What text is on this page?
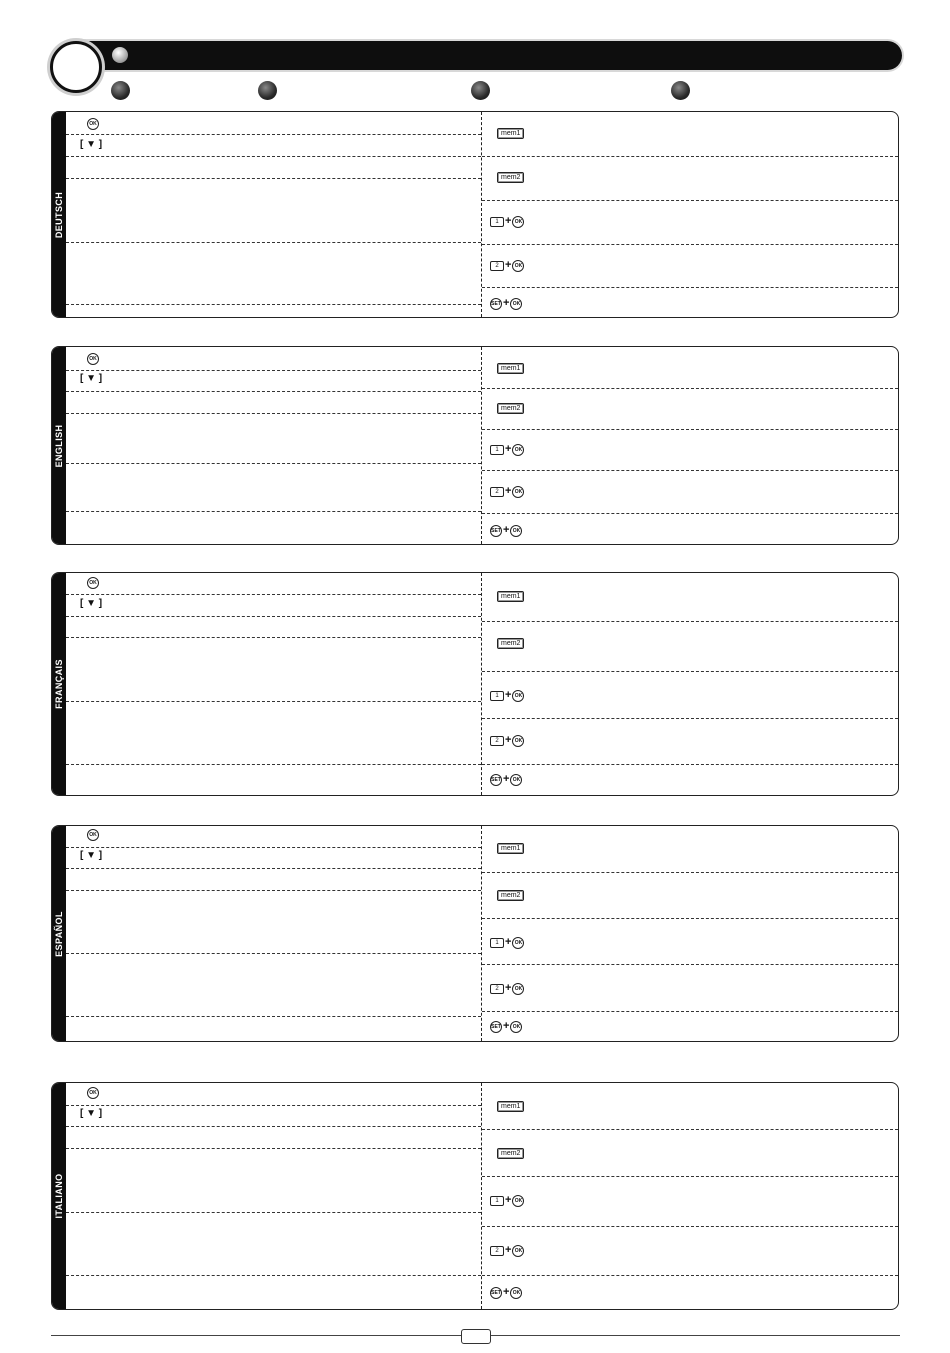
DEUTSCH
OK
[ ▼ ]
mem1
mem2
1 + OK
2 + OK
SET + OK
ENGLISH
OK
[ ▼ ]
mem1
mem2
1 + OK
2 + OK
SET + OK
FRANÇAIS
OK
[ ▼ ]
mem1
mem2
1 + OK
2 + OK
SET + OK
ESPAÑOL
OK
[ ▼ ]
mem1
mem2
1 + OK
2 + OK
SET + OK
ITALIANO
OK
[ ▼ ]
mem1
mem2
1 + OK
2 + OK
SET + OK
